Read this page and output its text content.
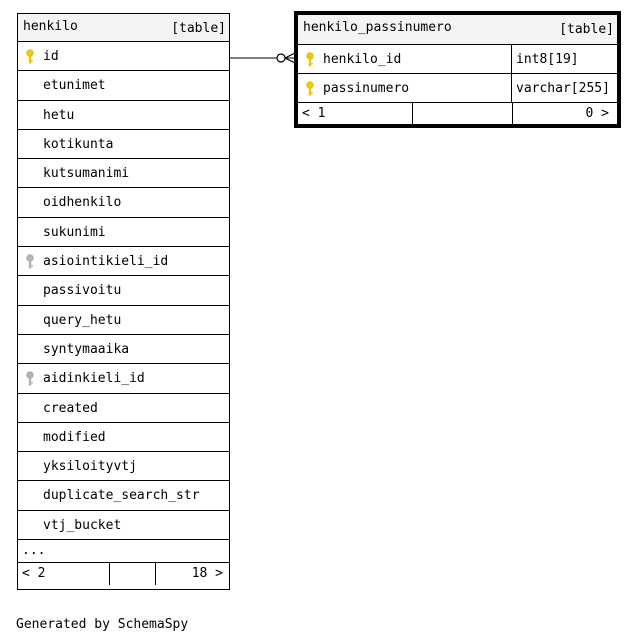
henkilo	[table]
id
etunimet
hetu
kotikunta
kutsumanimi
oidhenkilo
sukunimi
asiointikieli_id
passivoitu
query_hetu
syntymaaika
aidinkieli_id
created
modified
yksiloityvtj
duplicate_search_str
vtj_bucket
...
< 2	18 >
henkilo_passinumero	[table]
henkilo_id	int8[19]
passinumero	varchar[255]
< 1	0 >
Generated by SchemaSpy
